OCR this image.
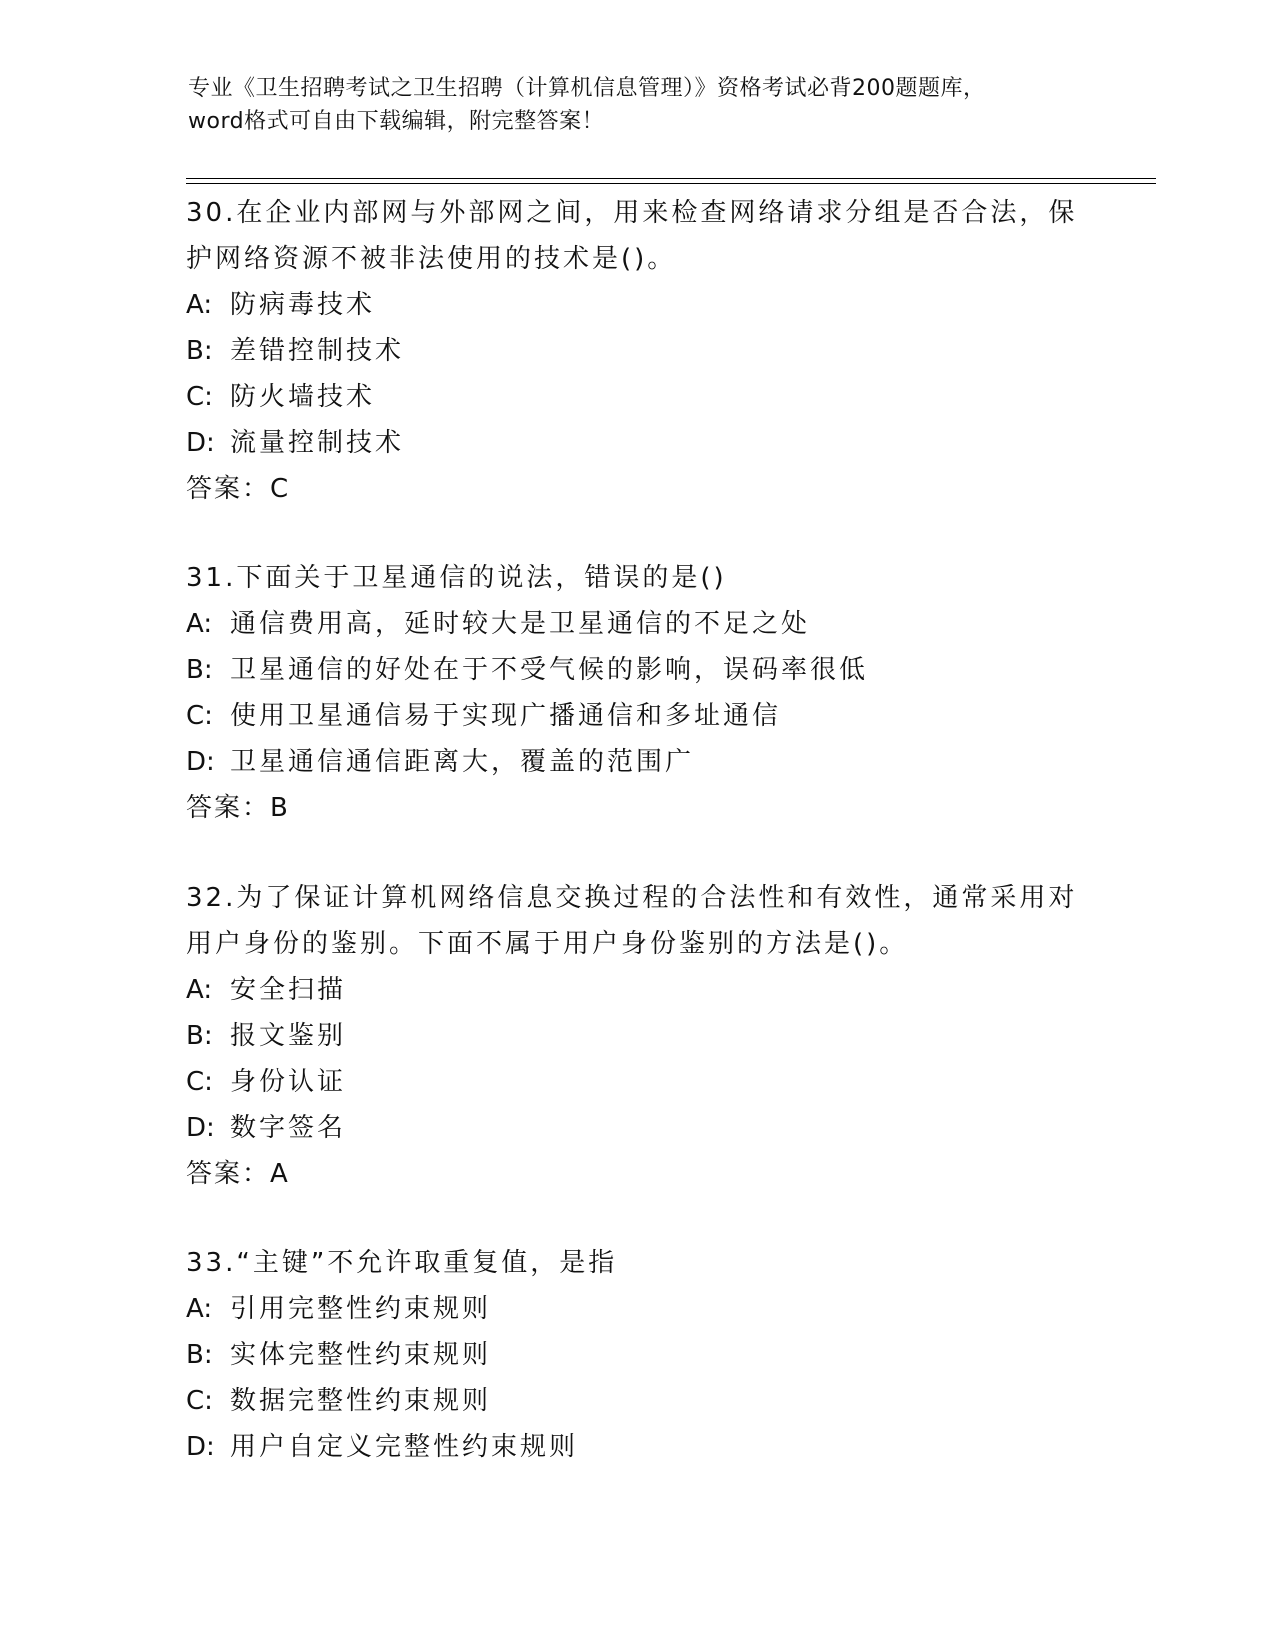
专业《卫生招聘考试之卫生招聘（计算机信息管理）》资格考试必背200题题库，
word格式可自由下载编辑，附完整答案！

30.在企业内部网与外部网之间，用来检查网络请求分组是否合法，保

护网络资源不被非法使用的技术是()。

A: 防病毒技术

B: 差错控制技术

C: 防火墙技术

D: 流量控制技术

答案：C

31.下面关于卫星通信的说法，错误的是()

A: 通信费用高，延时较大是卫星通信的不足之处

B: 卫星通信的好处在于不受气候的影响，误码率很低

C: 使用卫星通信易于实现广播通信和多址通信

D: 卫星通信通信距离大，覆盖的范围广

答案：B

32.为了保证计算机网络信息交换过程的合法性和有效性，通常采用对

用户身份的鉴别。下面不属于用户身份鉴别的方法是()。

A: 安全扫描

B: 报文鉴别

C: 身份认证

D: 数字签名

答案：A

33.“主键”不允许取重复值，是指

A: 引用完整性约束规则

B: 实体完整性约束规则

C: 数据完整性约束规则

D: 用户自定义完整性约束规则
